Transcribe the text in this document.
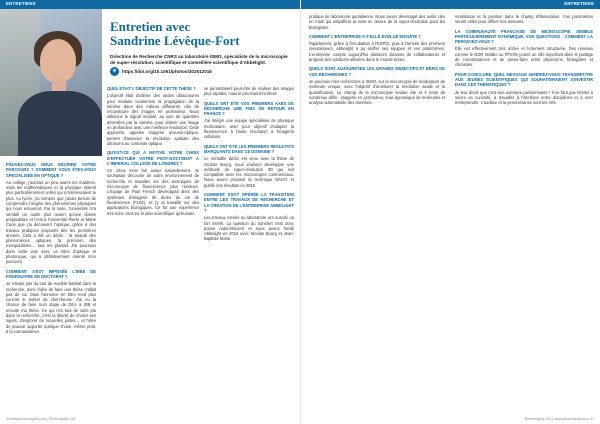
ENTRETIENS
Entretien avec
Sandrine Lévêque-Fort
Directrice de Recherche CNRS au laboratoire ISMO, spécialiste de la microscopie de super-résolution, scientifique et conseillère scientifique d'Abbelight.
⊕	https://doi.org/10.1051/photon/202512016
POUVEZ-VOUS NOUS DÉCRIRE VOTRE PARCOURS ? COMMENT VOUS ÊTES-VOUS SPÉCIALISÉE EN OPTIQUE ?
Au collège, j'adorais un peu toutes les matières, mais les mathématiques et la physique étaient plus particulièrement celles qui m'intéressaient le plus. Au lycée, j'ai compris que j'avais besoin de comprendre l'origine des phénomènes physiques qui nous entourent. Par la suite, l'université m'a semblé un cadre plus ouvert qu'une classe préparatoire et c'est à l'université Pierre et Marie Curie que j'ai découvert l'optique, grâce à des travaux pratiques proposés dès les premières années. Cela a été un déclic : la beauté des phénomènes optiques, la précision des manipulations… tout me plaisait. J'ai poursuivi dans cette voie avec un DEA d'optique et photonique, qui a définitivement orienté mon parcours.
COMMENT S'EST IMPOSÉE L'IDÉE DE POURSUIVRE EN DOCTORAT ?
Je n'avais pas du tout de modèle familial dans la recherche, donc l'idée de faire une thèse n'allait pas de soi. Mais l'annonce en DEA rend plus concret le métier de chercheuse. J'ai eu la chance de faire mon stage de DEA à ISB et ensuite ma thèse. Ce qui m'a tout de suite plu dans la recherche, c'est la liberté de choisir ses sujets, d'explorer de nouvelles pistes… et l'idée de pouvoir apporter quelque chose, même petit, à la connaissance.
QUEL ÉTAIT L'OBJECTIF DE CETTE THÈSE ?
L'objectif était d'utiliser des ondes ultrasonores pour moduler localement la propagation de la lumière dans des milieux diffusants, afin de reconstruire des images en profondeur. Nous utilisions le signal modulé, au sein de quantités détectées par la caméra, pour obtenir une image en profondeur avec une meilleure résolution. Cette approche, appelée imagerie acousto-optique, permet d'associer la résolution spatiale des ultrasons au contraste optique.
QU'EST-CE QUI A MOTIVÉ VOTRE CHOIX D'EFFECTUER VOTRE POST-DOCTORAT À L'IMPERIAL COLLEGE DE LONDRES ?
Ce choix s'est fait assez naturellement. Je souhaitais découvrir un autre environnement de recherche et travailler sur des techniques de microscopie de fluorescence plus résolues. L'équipe de Paul French développait alors des systèmes d'imagerie de durée de vie de fluorescence (FLIM), et j'y ai travaillé sur des applications biologiques. Ce fut une expérience très riche, tant sur le plan scientifique qu'humain.
se permettaient peut-être de réaliser des images plus rapides, mais le prix était très élevé.
QUELS ONT ÉTÉ VOS PREMIERS AXES DE RECHERCHE UNE FOIS DE RETOUR EN FRANCE ?
J'ai intégré une équipe spécialisée de physique moléculaire, avec pour objectif d'adapter la fluorescence à haute résolution à l'imagerie cellulaire.
QUELS ONT ÉTÉ LES PREMIERS RÉSULTATS MARQUANTS DANS CE DOMAINE ?
Le véritable déclic est venu avec la thèse de Nicolas Bourg, nous voulions développer une méthode de super-résolution 3D qui soit compatible avec les microscopes commerciaux. Nous avons proposé la technique DAISY et publié nos résultats en 2015.
COMMENT S'EST OPÉRÉE LA TRANSITION ENTRE LES TRAVAUX DE RECHERCHE ET LA CRÉATION DE L'ENTREPRISE ABBELIGHT ?
Les travaux menés au laboratoire ont suscité un fort intérêt. La question du transfert s'est donc posée naturellement et nous avons fondé Abbelight en 2016 avec Nicolas Bourg et Jean-Baptiste Marie.
34 www.photoniques.com | Photoniques 132
ENTRETIENS
pratique de laboratoire quotidienne. Nous avons développé des outils clés en main qui simplifient la mise en œuvre de la super-résolution pour les biologistes.
COMMENT L'ENTREPRISE A-T-ELLE ÉVOLUÉ ENSUITE ?
Rapidement, grâce à l'incubation à l'ESPCI, puis à l'arrivée des premiers investisseurs, Abbelight a pu étoffer ses équipes et ses plateformes. L'entreprise compte aujourd'hui plusieurs dizaines de collaborateurs et propose des solutions utilisées dans le monde entier.
QUELS SONT AUJOURD'HUI LES GRANDS OBJECTIFS ET DÉFIS DE VOS RECHERCHES ?
Je poursuis mes recherches à ISMO, sur la microscopie de localisation de molécule unique, avec l'objectif d'améliorer la résolution axiale et la quantification. Le champ de la microscopie évolue vite et il reste de nombreux défis : imagerie en profondeur, suivi dynamique de molécules et analyse automatisée des données.
modulation et la position dans le champ d'illumination. Ces paramètres seront utiles pour affiner nos mesures.
LA COMMUNAUTÉ FRANÇAISE DE MICROSCOPIE SEMBLE PARTICULIÈREMENT DYNAMIQUE. VOS QUESTIONS : COMMENT LA PERCEVEZ-VOUS ?
Elle est effectivement très active et fortement structurée. Des réseaux comme le GDR ImaBio ou RTmfm jouent un rôle important dans le partage de connaissances et de savoir-faire entre physiciens, biologistes et chimistes.
POUR CONCLURE, QUEL MESSAGE AIMERIEZ-VOUS TRANSMETTRE AUX JEUNES SCIENTIFIQUES QUI SOUHAITERAIENT S'INVESTIR DANS CES THÉMATIQUES ?
Je leur dirais que c'est une aventure passionnante ! Il ne faut pas hésiter à suivre sa curiosité, à travailler à l'interface entre disciplines et à oser entreprendre. L'audace et la persévérance sont les clés.
Photoniques 132 | www.photoniques.com 37
